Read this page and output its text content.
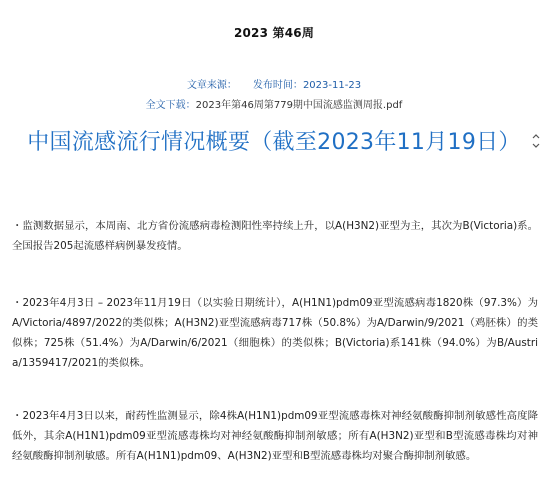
2023 第46周
文章来源： 发布时间：2023-11-23
全文下载：2023年第46周第779期中国流感监测周报.pdf
中国流感流行情况概要（截至2023年11月19日）

・监测数据显示，本周南、北方省份流感病毒检测阳性率持续上升，以A(H3N2)亚型为主，其次为B(Victoria)系。全国报告205起流感样病例暴发疫情。

・2023年4月3日 – 2023年11月19日（以实验日期统计），A(H1N1)pdm09亚型流感病毒1820株（97.3%）为A/Victoria/4897/2022的类似株；A(H3N2)亚型流感病毒717株（50.8%）为A/Darwin/9/2021（鸡胚株）的类似株；725株（51.4%）为A/Darwin/6/2021（细胞株）的类似株；B(Victoria)系141株（94.0%）为B/Austria/1359417/2021的类似株。

・2023年4月3日以来，耐药性监测显示，除4株A(H1N1)pdm09亚型流感毒株对神经氨酸酶抑制剂敏感性高度降低外，其余A(H1N1)pdm09亚型流感毒株均对神经氨酸酶抑制剂敏感；所有A(H3N2)亚型和B型流感毒株均对神经氨酸酶抑制剂敏感。所有A(H1N1)pdm09、A(H3N2)亚型和B型流感毒株均对聚合酶抑制剂敏感。
